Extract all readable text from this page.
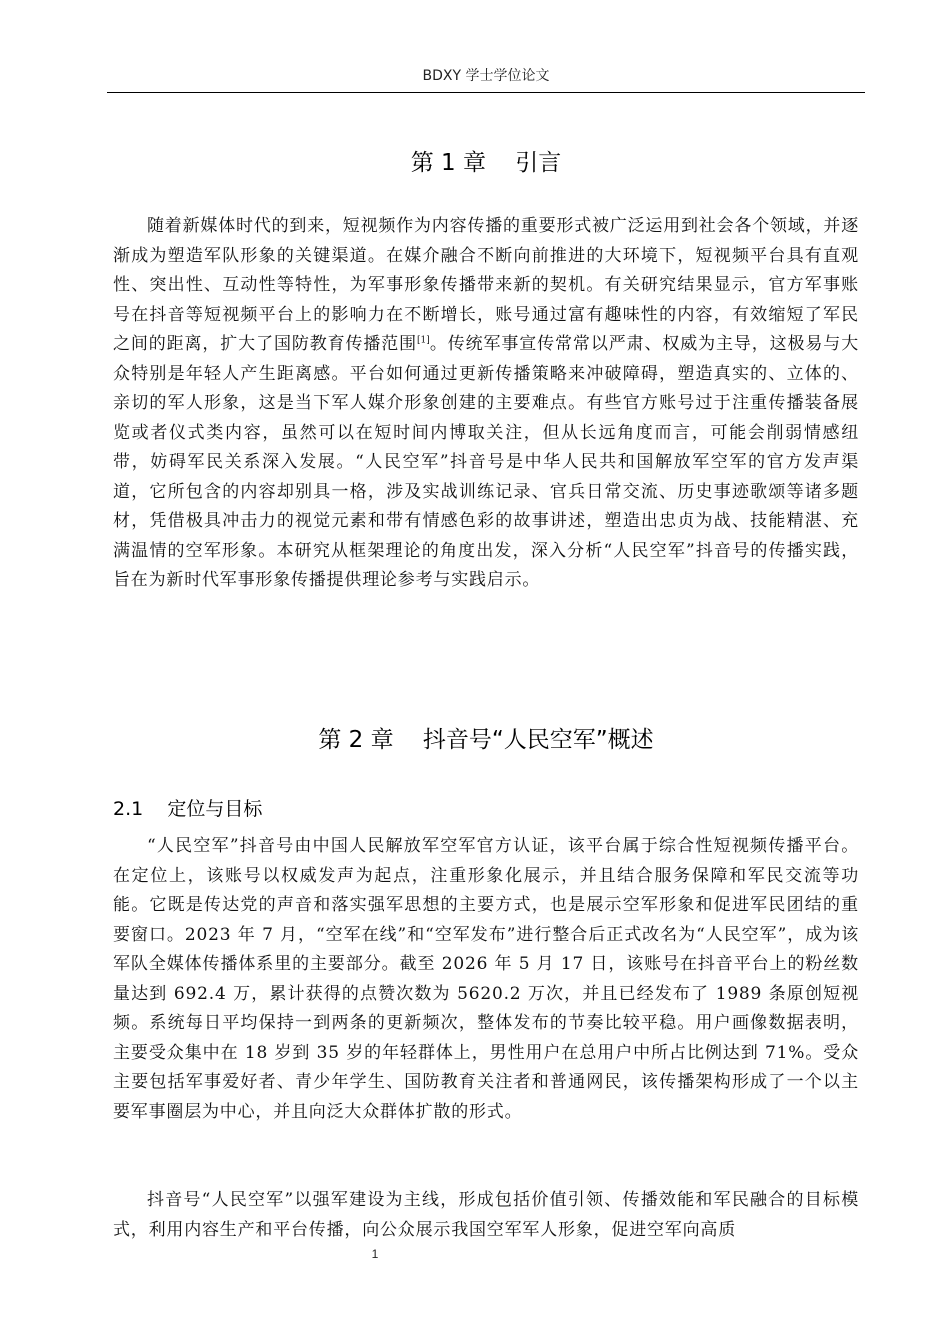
BDXY 学士学位论文
第 1 章    引言

随着新媒体时代的到来，短视频作为内容传播的重要形式被广泛运用到社会各个领域，并逐渐成为塑造军队形象的关键渠道。在媒介融合不断向前推进的大环境下，短视频平台具有直观性、突出性、互动性等特性，为军事形象传播带来新的契机。有关研究结果显示，官方军事账号在抖音等短视频平台上的影响力在不断增长，账号通过富有趣味性的内容，有效缩短了军民之间的距离，扩大了国防教育传播范围[1]。传统军事宣传常常以严肃、权威为主导，这极易与大众特别是年轻人产生距离感。平台如何通过更新传播策略来冲破障碍，塑造真实的、立体的、亲切的军人形象，这是当下军人媒介形象创建的主要难点。有些官方账号过于注重传播装备展览或者仪式类内容，虽然可以在短时间内博取关注，但从长远角度而言，可能会削弱情感纽带，妨碍军民关系深入发展。“人民空军”抖音号是中华人民共和国解放军空军的官方发声渠道，它所包含的内容却别具一格，涉及实战训练记录、官兵日常交流、历史事迹歌颂等诸多题材，凭借极具冲击力的视觉元素和带有情感色彩的故事讲述，塑造出忠贞为战、技能精湛、充满温情的空军形象。本研究从框架理论的角度出发，深入分析“人民空军”抖音号的传播实践，旨在为新时代军事形象传播提供理论参考与实践启示。

第 2 章    抖音号“人民空军”概述
2.1    定位与目标

“人民空军”抖音号由中国人民解放军空军官方认证，该平台属于综合性短视频传播平台。在定位上，该账号以权威发声为起点，注重形象化展示，并且结合服务保障和军民交流等功能。它既是传达党的声音和落实强军思想的主要方式，也是展示空军形象和促进军民团结的重要窗口。2023 年 7 月，“空军在线”和“空军发布”进行整合后正式改名为“人民空军”，成为该军队全媒体传播体系里的主要部分。截至 2026 年 5 月 17 日，该账号在抖音平台上的粉丝数量达到 692.4 万，累计获得的点赞次数为 5620.2 万次，并且已经发布了 1989 条原创短视频。系统每日平均保持一到两条的更新频次，整体发布的节奏比较平稳。用户画像数据表明，主要受众集中在 18 岁到 35 岁的年轻群体上，男性用户在总用户中所占比例达到 71%。受众主要包括军事爱好者、青少年学生、国防教育关注者和普通网民，该传播架构形成了一个以主要军事圈层为中心，并且向泛大众群体扩散的形式。

抖音号“人民空军”以强军建设为主线，形成包括价值引领、传播效能和军民融合的目标模式，利用内容生产和平台传播，向公众展示我国空军军人形象，促进空军向高质

1
